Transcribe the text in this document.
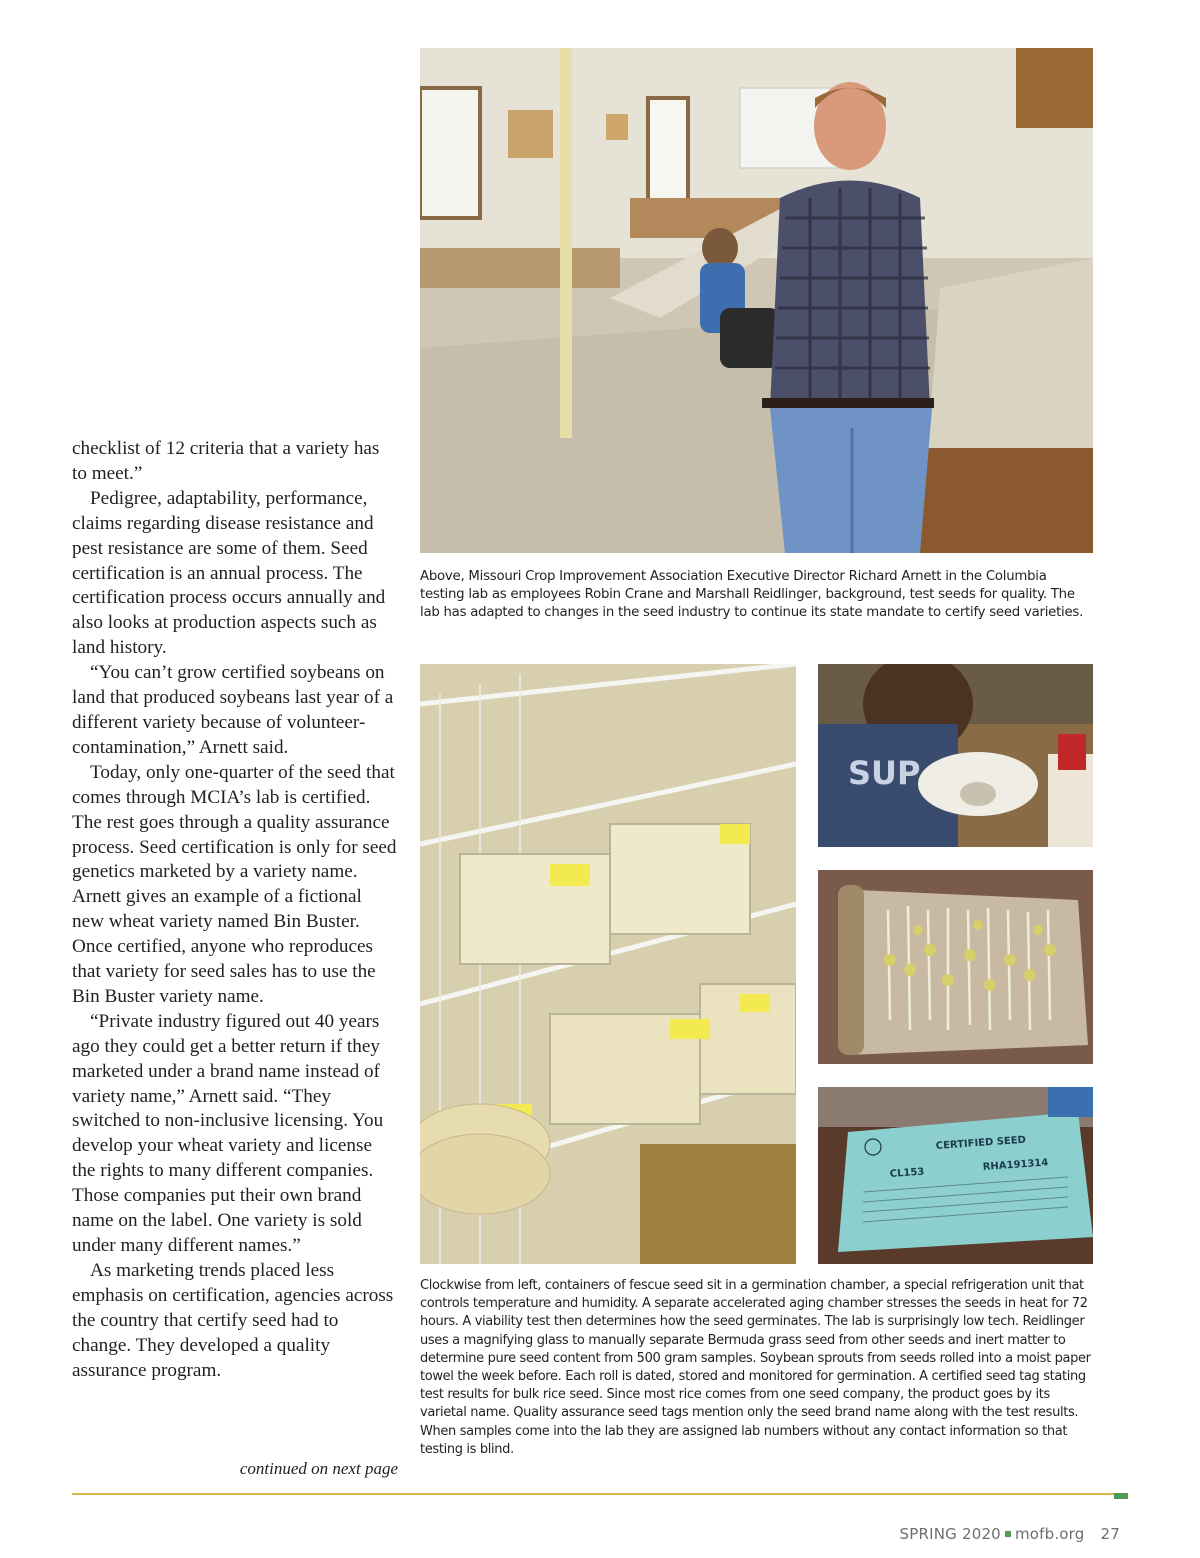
checklist of 12 criteria that a variety has to meet.”

Pedigree, adaptability, performance, claims regarding disease resistance and pest resistance are some of them. Seed certification is an annual process. The certification process occurs annually and also looks at production aspects such as land history.

“You can’t grow certified soybeans on land that produced soybeans last year of a different variety because of volunteer-contamination,” Arnett said.

Today, only one-quarter of the seed that comes through MCIA’s lab is certified. The rest goes through a quality assurance process. Seed certification is only for seed genetics marketed by a variety name. Arnett gives an example of a fictional new wheat variety named Bin Buster. Once certified, anyone who reproduces that variety for seed sales has to use the Bin Buster variety name.

“Private industry figured out 40 years ago they could get a better return if they marketed under a brand name instead of variety name,” Arnett said. “They switched to non-inclusive licensing. You develop your wheat variety and license the rights to many different companies. Those companies put their own brand name on the label. One variety is sold under many different names.”

As marketing trends placed less emphasis on certification, agencies across the country that certify seed had to change. They developed a quality assurance program.

continued on next page
Above, Missouri Crop Improvement Association Executive Director Richard Arnett in the Columbia testing lab as employees Robin Crane and Marshall Reidlinger, background, test seeds for quality. The lab has adapted to changes in the seed industry to continue its state mandate to certify seed varieties.
SUP
CERTIFIED SEED
CL153
RHA191314
Clockwise from left, containers of fescue seed sit in a germination chamber, a special refrigeration unit that controls temperature and humidity. A separate accelerated aging chamber stresses the seeds in heat for 72 hours. A viability test then determines how the seed germinates. The lab is surprisingly low tech. Reidlinger uses a magnifying glass to manually separate Bermuda grass seed from other seeds and inert matter to determine pure seed content from 500 gram samples. Soybean sprouts from seeds rolled into a moist paper towel the week before. Each roll is dated, stored and monitored for germination. A certified seed tag stating test results for bulk rice seed. Since most rice comes from one seed company, the product goes by its varietal name. Quality assurance seed tags mention only the seed brand name along with the test results. When samples come into the lab they are assigned lab numbers without any contact information so that testing is blind.
SPRING 2020 mofb.org 27
